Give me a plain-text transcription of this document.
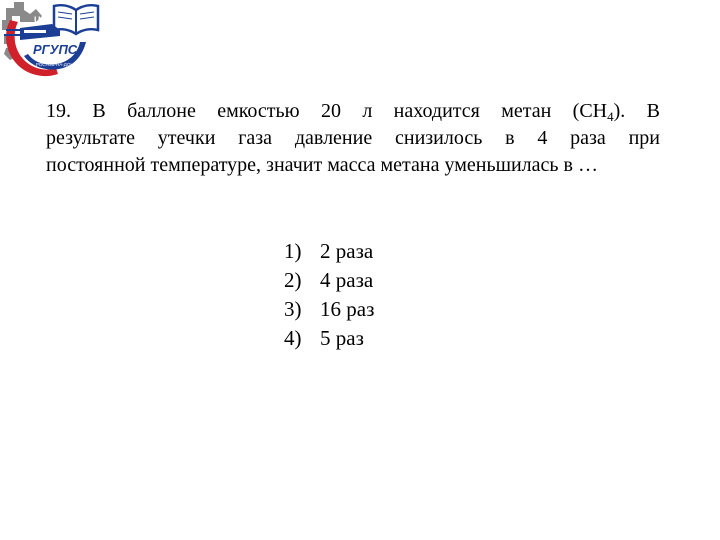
U
РГУПС
РОСТОВ-НА-ДОНУ
19. В баллоне емкостью 20 л находится метан $(СН_4)$. В
результате утечки газа давление снизилось в 4 раза при
постоянной температуре, значит масса метана уменьшилась в …
1) 2 раза
2) 4 раза
3) 16 раз
4) 5 раз
